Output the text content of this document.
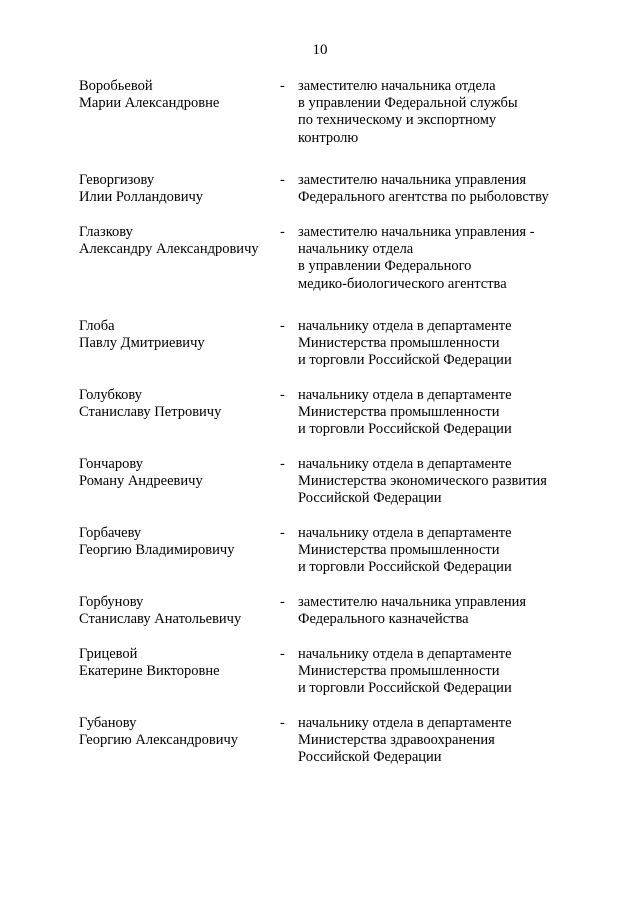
10
Воробьевой
Марии Александровне
- заместителю начальника отдела
в управлении Федеральной службы
по техническому и экспортному
контролю
Геворгизову
Илии Ролландовичу
- заместителю начальника управления
Федерального агентства по рыболовству
Глазкову
Александру Александровичу
- заместителю начальника управления -
начальнику отдела
в управлении Федерального
медико-биологического агентства
Глоба
Павлу Дмитриевичу
- начальнику отдела в департаменте
Министерства промышленности
и торговли Российской Федерации
Голубкову
Станиславу Петровичу
- начальнику отдела в департаменте
Министерства промышленности
и торговли Российской Федерации
Гончарову
Роману Андреевичу
- начальнику отдела в департаменте
Министерства экономического развития
Российской Федерации
Горбачеву
Георгию Владимировичу
- начальнику отдела в департаменте
Министерства промышленности
и торговли Российской Федерации
Горбунову
Станиславу Анатольевичу
- заместителю начальника управления
Федерального казначейства
Грицевой
Екатерине Викторовне
- начальнику отдела в департаменте
Министерства промышленности
и торговли Российской Федерации
Губанову
Георгию Александровичу
- начальнику отдела в департаменте
Министерства здравоохранения
Российской Федерации
